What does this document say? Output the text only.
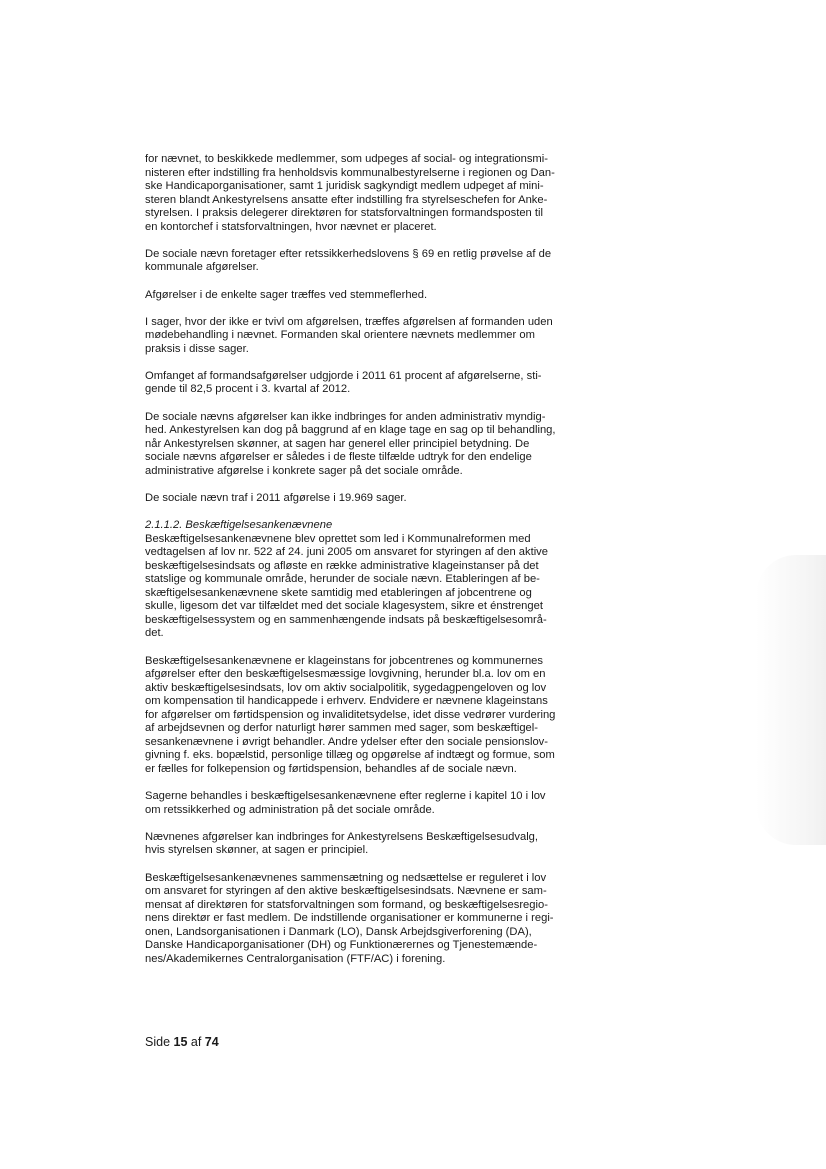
for nævnet, to beskikkede medlemmer, som udpeges af social- og integrationsmi-
nisteren efter indstilling fra henholdsvis kommunalbestyrelserne i regionen og Dan-
ske Handicaporganisationer, samt 1 juridisk sagkyndigt medlem udpeget af mini-
steren blandt Ankestyrelsens ansatte efter indstilling fra styrelseschefen for Anke-
styrelsen. I praksis delegerer direktøren for statsforvaltningen formandsposten til
en kontorchef i statsforvaltningen, hvor nævnet er placeret.

De sociale nævn foretager efter retssikkerhedslovens § 69 en retlig prøvelse af de
kommunale afgørelser.

Afgørelser i de enkelte sager træffes ved stemmeflerhed.

I sager, hvor der ikke er tvivl om afgørelsen, træffes afgørelsen af formanden uden
mødebehandling i nævnet. Formanden skal orientere nævnets medlemmer om
praksis i disse sager.

Omfanget af formandsafgørelser udgjorde i 2011 61 procent af afgørelserne, sti-
gende til 82,5 procent i 3. kvartal af 2012.

De sociale nævns afgørelser kan ikke indbringes for anden administrativ myndig-
hed. Ankestyrelsen kan dog på baggrund af en klage tage en sag op til behandling,
når Ankestyrelsen skønner, at sagen har generel eller principiel betydning. De
sociale nævns afgørelser er således i de fleste tilfælde udtryk for den endelige
administrative afgørelse i konkrete sager på det sociale område.

De sociale nævn traf i 2011 afgørelse i 19.969 sager.

2.1.1.2. Beskæftigelsesankenævnene

Beskæftigelsesankenævnene blev oprettet som led i Kommunalreformen med
vedtagelsen af lov nr. 522 af 24. juni 2005 om ansvaret for styringen af den aktive
beskæftigelsesindsats og afløste en række administrative klageinstanser på det
statslige og kommunale område, herunder de sociale nævn. Etableringen af be-
skæftigelsesankenævnene skete samtidig med etableringen af jobcentrene og
skulle, ligesom det var tilfældet med det sociale klagesystem, sikre et énstrenget
beskæftigelsessystem og en sammenhængende indsats på beskæftigelsesområ-
det.

Beskæftigelsesankenævnene er klageinstans for jobcentrenes og kommunernes
afgørelser efter den beskæftigelsesmæssige lovgivning, herunder bl.a. lov om en
aktiv beskæftigelsesindsats, lov om aktiv socialpolitik, sygedagpengeloven og lov
om kompensation til handicappede i erhverv. Endvidere er nævnene klageinstans
for afgørelser om førtidspension og invaliditetsydelse, idet disse vedrører vurdering
af arbejdsevnen og derfor naturligt hører sammen med sager, som beskæftigel-
sesankenævnene i øvrigt behandler. Andre ydelser efter den sociale pensionslov-
givning f. eks. bopælstid, personlige tillæg og opgørelse af indtægt og formue, som
er fælles for folkepension og førtidspension, behandles af de sociale nævn.

Sagerne behandles i beskæftigelsesankenævnene efter reglerne i kapitel 10 i lov
om retssikkerhed og administration på det sociale område.

Nævnenes afgørelser kan indbringes for Ankestyrelsens Beskæftigelsesudvalg,
hvis styrelsen skønner, at sagen er principiel.

Beskæftigelsesankenævnenes sammensætning og nedsættelse er reguleret i lov
om ansvaret for styringen af den aktive beskæftigelsesindsats. Nævnene er sam-
mensat af direktøren for statsforvaltningen som formand, og beskæftigelsesregio-
nens direktør er fast medlem. De indstillende organisationer er kommunerne i regi-
onen, Landsorganisationen i Danmark (LO), Dansk Arbejdsgiverforening (DA),
Danske Handicaporganisationer (DH) og Funktionærernes og Tjenestemænde-
nes/Akademikernes Centralorganisation (FTF/AC) i forening.

Side 15 af 74
